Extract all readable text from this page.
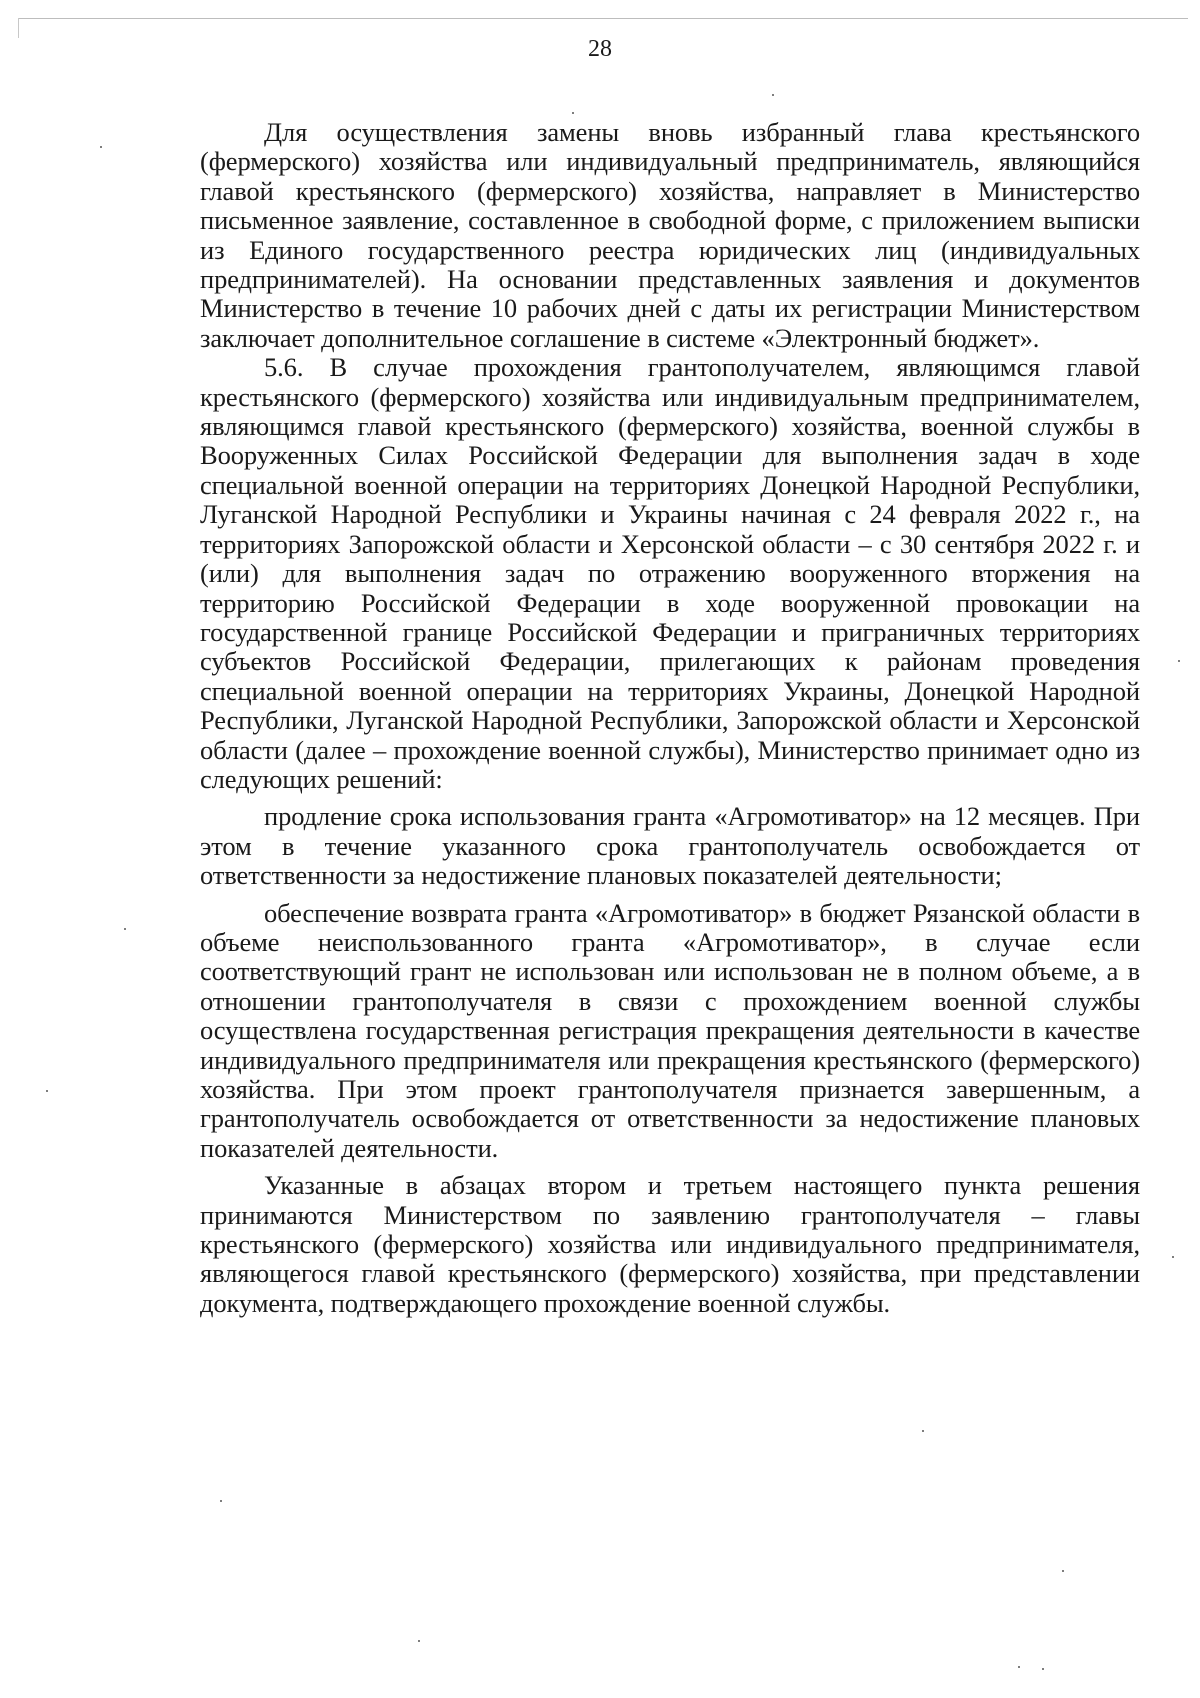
28

Для осуществления замены вновь избранный глава крестьянского (фермерского) хозяйства или индивидуальный предприниматель, являющийся главой крестьянского (фермерского) хозяйства, направляет в Министерство письменное заявление, составленное в свободной форме, с приложением выписки из Единого государственного реестра юридических лиц (индивидуальных предпринимателей). На основании представленных заявления и документов Министерство в течение 10 рабочих дней с даты их регистрации Министерством заключает дополнительное соглашение в системе «Электронный бюджет».

5.6. В случае прохождения грантополучателем, являющимся главой крестьянского (фермерского) хозяйства или индивидуальным предпринимателем, являющимся главой крестьянского (фермерского) хозяйства, военной службы в Вооруженных Силах Российской Федерации для выполнения задач в ходе специальной военной операции на территориях Донецкой Народной Республики, Луганской Народной Республики и Украины начиная с 24 февраля 2022 г., на территориях Запорожской области и Херсонской области – с 30 сентября 2022 г. и (или) для выполнения задач по отражению вооруженного вторжения на территорию Российской Федерации в ходе вооруженной провокации на государственной границе Российской Федерации и приграничных территориях субъектов Российской Федерации, прилегающих к районам проведения специальной военной операции на территориях Украины, Донецкой Народной Республики, Луганской Народной Республики, Запорожской области и Херсонской области (далее – прохождение военной службы), Министерство принимает одно из следующих решений:

продление срока использования гранта «Агромотиватор» на 12 месяцев. При этом в течение указанного срока грантополучатель освобождается от ответственности за недостижение плановых показателей деятельности;

обеспечение возврата гранта «Агромотиватор» в бюджет Рязанской области в объеме неиспользованного гранта «Агромотиватор», в случае если соответствующий грант не использован или использован не в полном объеме, а в отношении грантополучателя в связи с прохождением военной службы осуществлена государственная регистрация прекращения деятельности в качестве индивидуального предпринимателя или прекращения крестьянского (фермерского) хозяйства. При этом проект грантополучателя признается завершенным, а грантополучатель освобождается от ответственности за недостижение плановых показателей деятельности.

Указанные в абзацах втором и третьем настоящего пункта решения принимаются Министерством по заявлению грантополучателя – главы крестьянского (фермерского) хозяйства или индивидуального предпринимателя, являющегося главой крестьянского (фермерского) хозяйства, при представлении документа, подтверждающего прохождение военной службы.
